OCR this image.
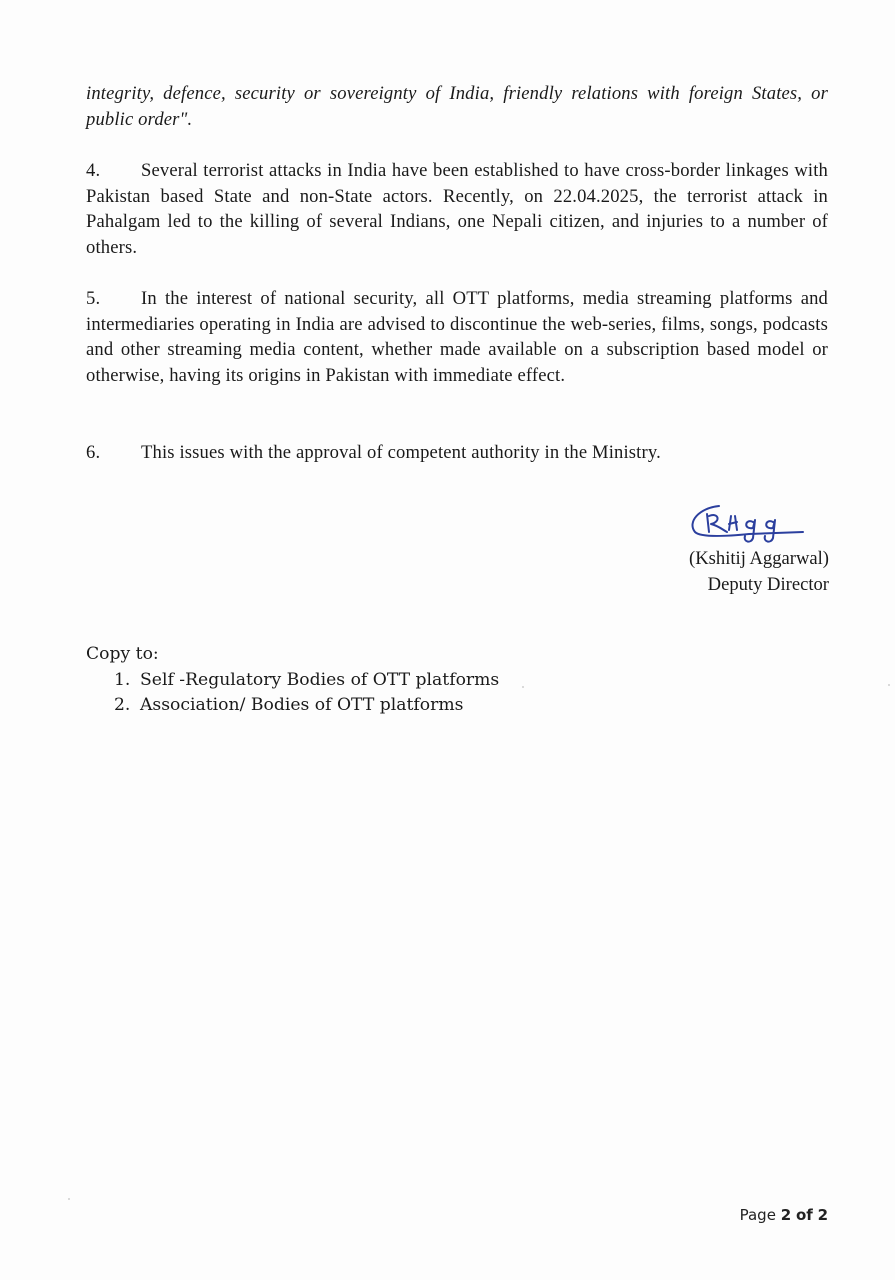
integrity, defence, security or sovereignty of India, friendly relations with foreign States, or public order".
4. Several terrorist attacks in India have been established to have cross-border linkages with Pakistan based State and non-State actors. Recently, on 22.04.2025, the terrorist attack in Pahalgam led to the killing of several Indians, one Nepali citizen, and injuries to a number of others.
5. In the interest of national security, all OTT platforms, media streaming platforms and intermediaries operating in India are advised to discontinue the web-series, films, songs, podcasts and other streaming media content, whether made available on a subscription based model or otherwise, having its origins in Pakistan with immediate effect.
6. This issues with the approval of competent authority in the Ministry.
(Kshitij Aggarwal)
Deputy Director
Copy to:
1. Self -Regulatory Bodies of OTT platforms
2. Association/ Bodies of OTT platforms
Page 2 of 2
